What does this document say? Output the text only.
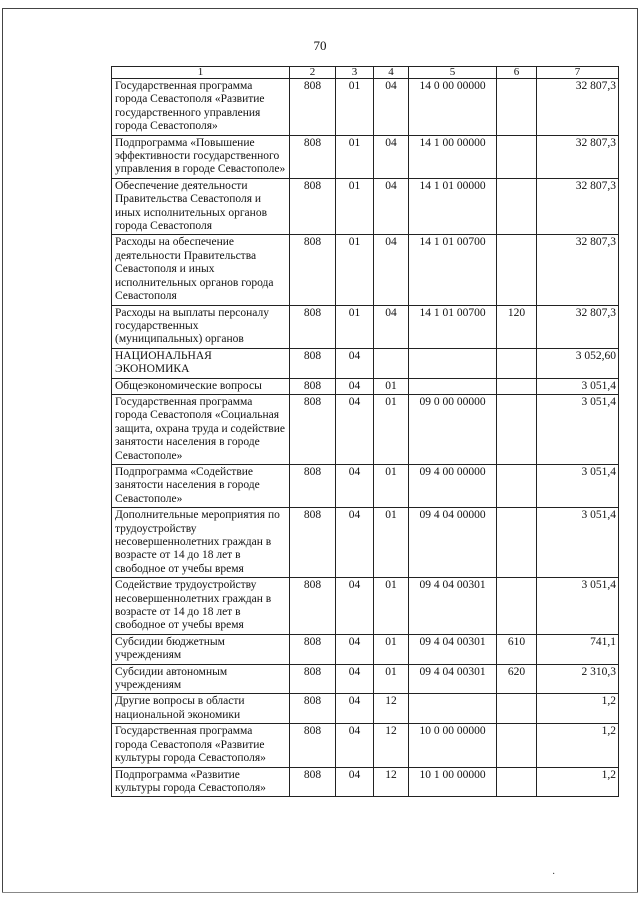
70
1	2	3	4	5	6	7
Государственная программа города Севастополя «Развитие государственного управления города Севастополя»	808	01	04	14 0 00 00000		32 807,3
Подпрограмма «Повышение эффективности государственного управления в городе Севастополе»	808	01	04	14 1 00 00000		32 807,3
Обеспечение деятельности Правительства Севастополя и иных исполнительных органов города Севастополя	808	01	04	14 1 01 00000		32 807,3
Расходы на обеспечение деятельности Правительства Севастополя и иных исполнительных органов города Севастополя	808	01	04	14 1 01 00700		32 807,3
Расходы на выплаты персоналу государственных (муниципальных) органов	808	01	04	14 1 01 00700	120	32 807,3
НАЦИОНАЛЬНАЯ ЭКОНОМИКА	808	04				3 052,60
Общеэкономические вопросы	808	04	01			3 051,4
Государственная программа города Севастополя «Социальная защита, охрана труда и содействие занятости населения в городе Севастополе»	808	04	01	09 0 00 00000		3 051,4
Подпрограмма «Содействие занятости населения в городе Севастополе»	808	04	01	09 4 00 00000		3 051,4
Дополнительные мероприятия по трудоустройству несовершеннолетних граждан в возрасте от 14 до 18 лет в свободное от учебы время	808	04	01	09 4 04 00000		3 051,4
Содействие трудоустройству несовершеннолетних граждан в возрасте от 14 до 18 лет в свободное от учебы время	808	04	01	09 4 04 00301		3 051,4
Субсидии бюджетным учреждениям	808	04	01	09 4 04 00301	610	741,1
Субсидии автономным учреждениям	808	04	01	09 4 04 00301	620	2 310,3
Другие вопросы в области национальной экономики	808	04	12			1,2
Государственная программа города Севастополя «Развитие культуры города Севастополя»	808	04	12	10 0 00 00000		1,2
Подпрограмма «Развитие культуры города Севастополя»	808	04	12	10 1 00 00000		1,2
·
